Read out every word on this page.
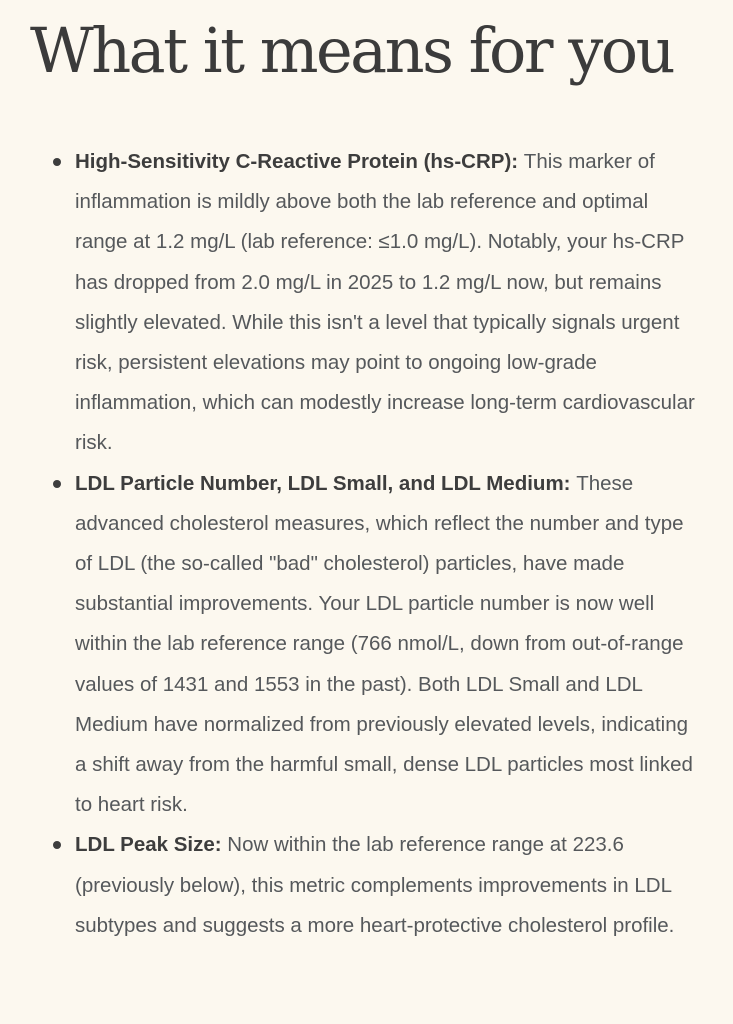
What it means for you
High-Sensitivity C-Reactive Protein (hs-CRP): This marker of inflammation is mildly above both the lab reference and optimal range at 1.2 mg/L (lab reference: ≤1.0 mg/L). Notably, your hs-CRP has dropped from 2.0 mg/L in 2025 to 1.2 mg/L now, but remains slightly elevated. While this isn't a level that typically signals urgent risk, persistent elevations may point to ongoing low-grade inflammation, which can modestly increase long-term cardiovascular risk.
LDL Particle Number, LDL Small, and LDL Medium: These advanced cholesterol measures, which reflect the number and type of LDL (the so-called "bad" cholesterol) particles, have made substantial improvements. Your LDL particle number is now well within the lab reference range (766 nmol/L, down from out-of-range values of 1431 and 1553 in the past). Both LDL Small and LDL Medium have normalized from previously elevated levels, indicating a shift away from the harmful small, dense LDL particles most linked to heart risk.
LDL Peak Size: Now within the lab reference range at 223.6 (previously below), this metric complements improvements in LDL subtypes and suggests a more heart-protective cholesterol profile.
